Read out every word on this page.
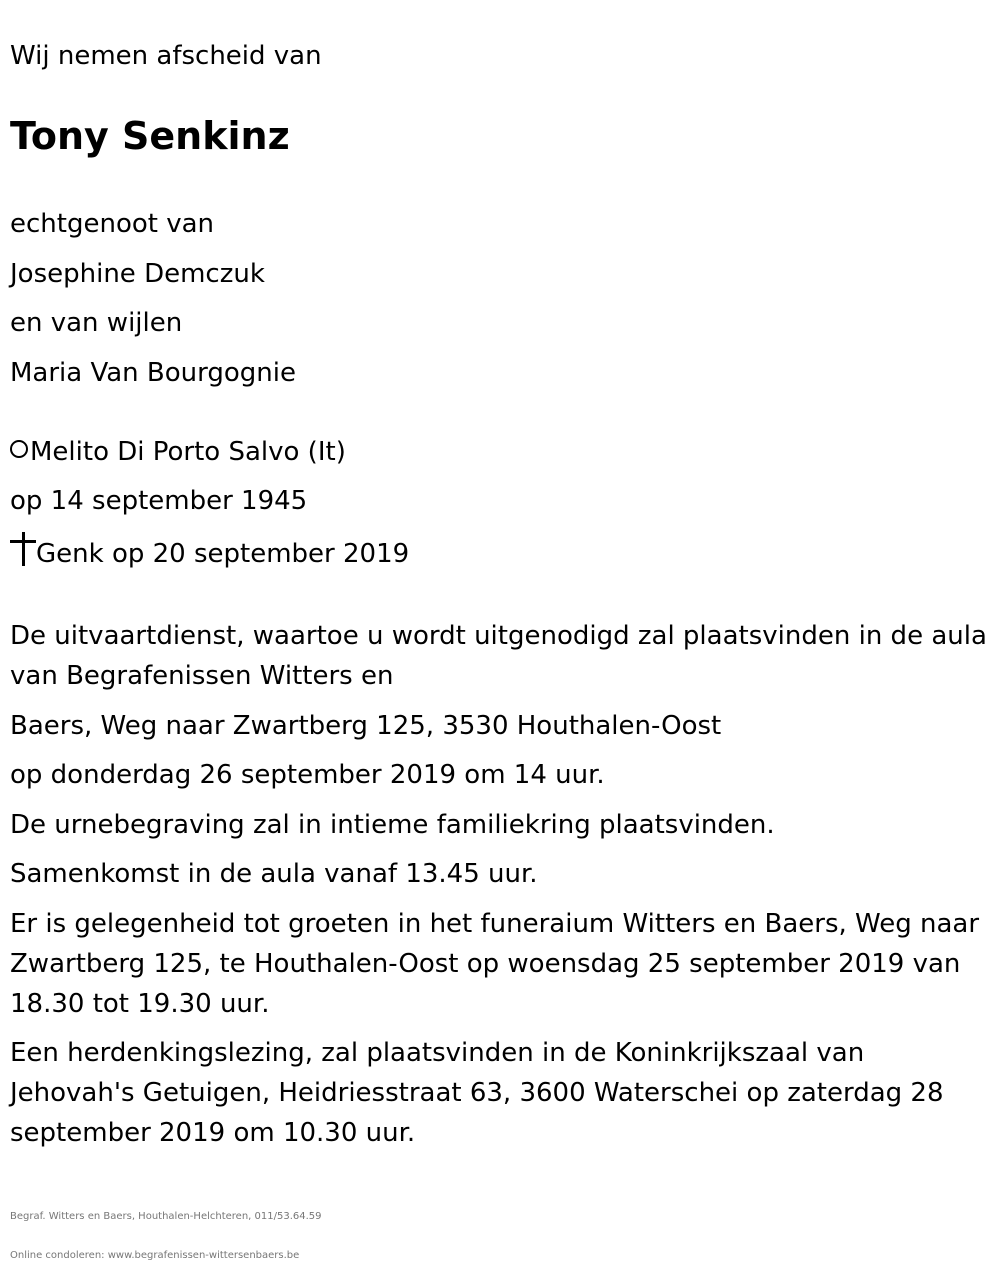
Wij nemen afscheid van

Tony Senkinz

echtgenoot van

Josephine Demczuk

en van wijlen

Maria Van Bourgognie

Melito Di Porto Salvo (It)
op 14 september 1945
Genk op 20 september 2019

De uitvaartdienst, waartoe u wordt uitgenodigd zal plaatsvinden in de aula van Begrafenissen Witters en

Baers, Weg naar Zwartberg 125, 3530 Houthalen-Oost

op donderdag 26 september 2019 om 14 uur.

De urnebegraving zal in intieme familiekring plaatsvinden.

Samenkomst in de aula vanaf 13.45 uur.

Er is gelegenheid tot groeten in het funeraium Witters en Baers, Weg naar Zwartberg 125, te Houthalen-Oost op woensdag 25 september 2019 van 18.30 tot 19.30 uur.

Een herdenkingslezing, zal plaatsvinden in de Koninkrijkszaal van Jehovah's Getuigen, Heidriesstraat 63, 3600 Waterschei op zaterdag 28 september 2019 om 10.30 uur.

Begraf. Witters en Baers, Houthalen-Helchteren, 011/53.64.59

Online condoleren: www.begrafenissen-wittersenbaers.be
